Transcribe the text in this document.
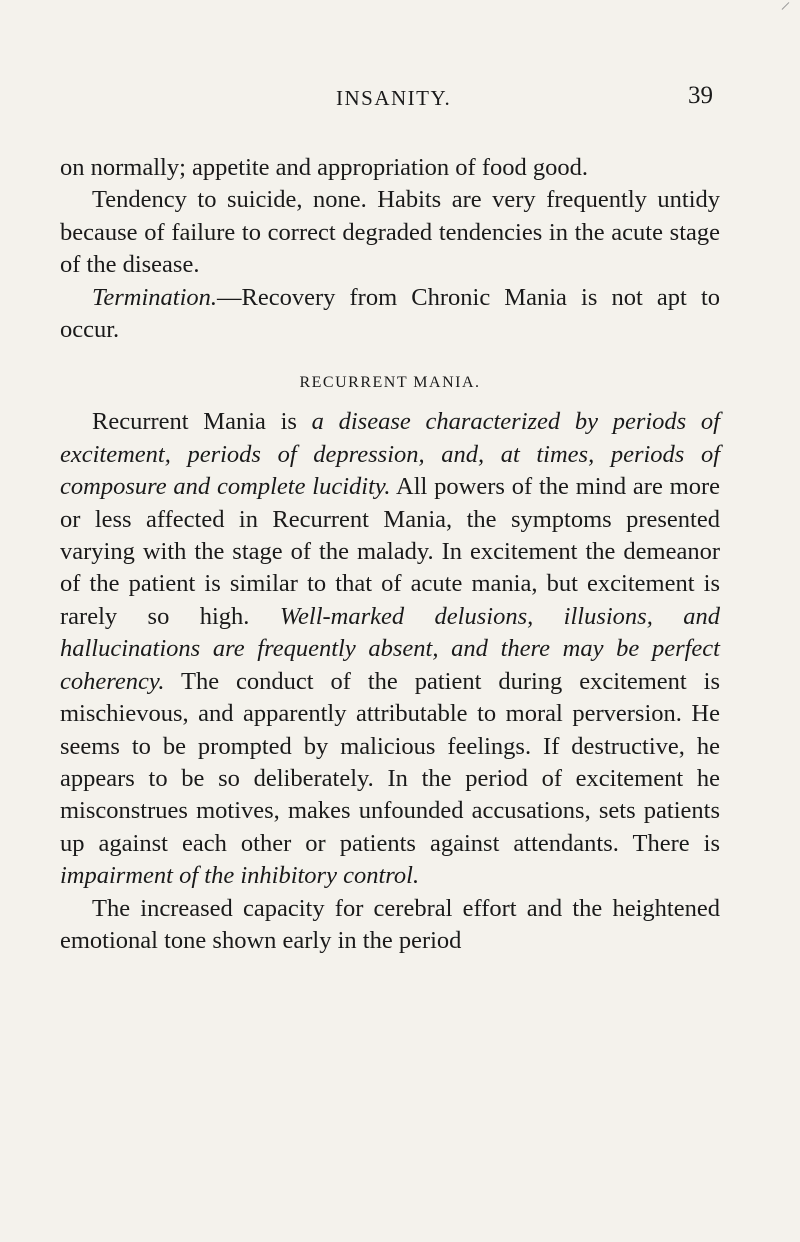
INSANITY.	39

on normally; appetite and appropriation of food good.

Tendency to suicide, none. Habits are very frequently untidy because of failure to correct degraded tendencies in the acute stage of the disease.

Termination.—Recovery from Chronic Mania is not apt to occur.

RECURRENT MANIA.

Recurrent Mania is a disease characterized by periods of excitement, periods of depression, and, at times, periods of composure and complete lucidity. All powers of the mind are more or less affected in Recurrent Mania, the symptoms presented varying with the stage of the malady. In excitement the demeanor of the patient is similar to that of acute mania, but excitement is rarely so high. Well-marked delusions, illusions, and hallucinations are frequently absent, and there may be perfect coherency. The conduct of the patient during excitement is mischievous, and apparently attributable to moral perversion. He seems to be prompted by malicious feelings. If destructive, he appears to be so deliberately. In the period of excitement he misconstrues motives, makes unfounded accusations, sets patients up against each other or patients against attendants. There is impairment of the inhibitory control.

The increased capacity for cerebral effort and the heightened emotional tone shown early in the period
